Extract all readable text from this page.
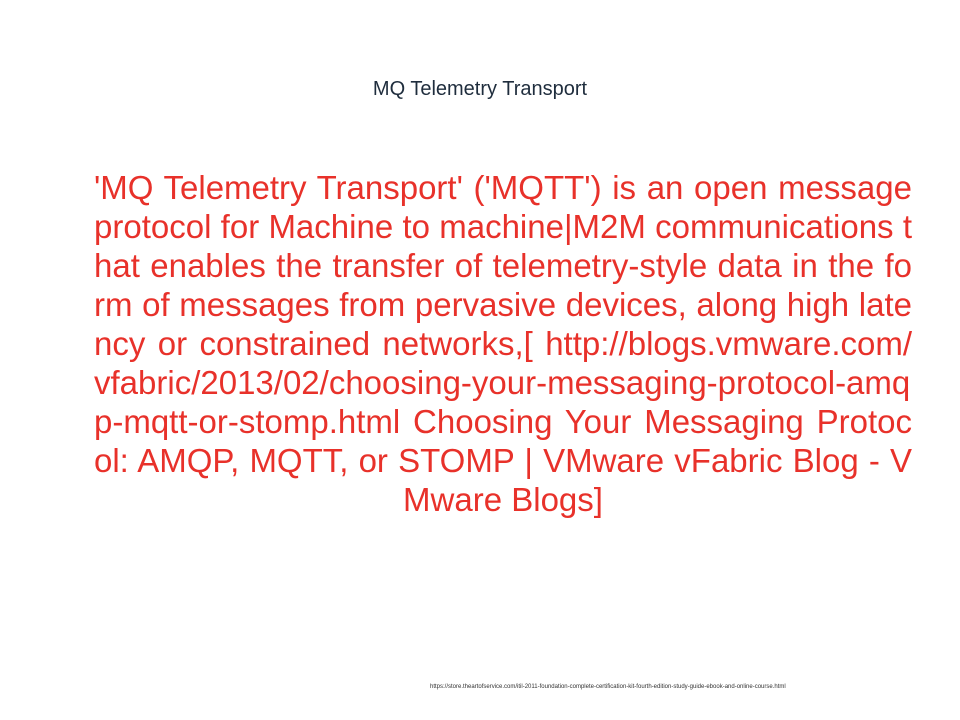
MQ Telemetry Transport
'MQ Telemetry Transport' ('MQTT') is an open message protocol for Machine to machine|M2M communications that enables the transfer of telemetry-style data in the form of messages from pervasive devices, along high latency or constrained networks,[ http://blogs.vmware.com/vfabric/2013/02/choosing-your-messaging-protocol-amqp-mqtt-or-stomp.html Choosing Your Messaging Protocol: AMQP, MQTT, or STOMP | VMware vFabric Blog - VMware Blogs]
https://store.theartofservice.com/itil-2011-foundation-complete-certification-kit-fourth-edition-study-guide-ebook-and-online-course.html
